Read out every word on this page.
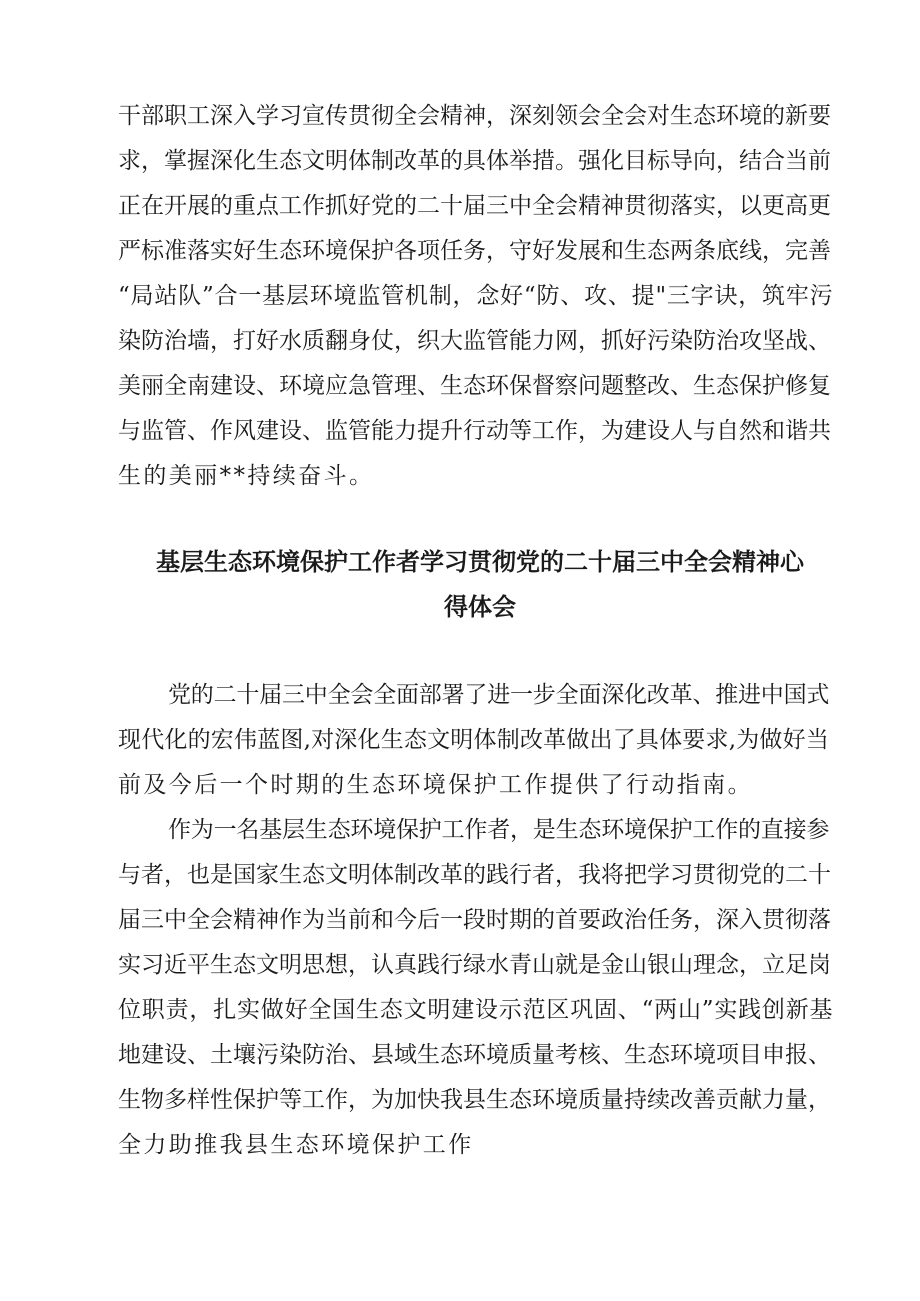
干部职工深入学习宣传贯彻全会精神，深刻领会全会对生态环境的新要

求，掌握深化生态文明体制改革的具体举措。强化目标导向，结合当前

正在开展的重点工作抓好党的二十届三中全会精神贯彻落实，以更高更

严标准落实好生态环境保护各项任务，守好发展和生态两条底线，完善

“局站队”合一基层环境监管机制，念好“防、攻、提"三字诀，筑牢污

染防治墙，打好水质翻身仗，织大监管能力网，抓好污染防治攻坚战、

美丽全南建设、环境应急管理、生态环保督察问题整改、生态保护修复

与监管、作风建设、监管能力提升行动等工作，为建设人与自然和谐共

生的美丽**持续奋斗。

基层生态环境保护工作者学习贯彻党的二十届三中全会精神心
得体会

党的二十届三中全会全面部署了进一步全面深化改革、推进中国式

现代化的宏伟蓝图,对深化生态文明体制改革做出了具体要求,为做好当

前及今后一个时期的生态环境保护工作提供了行动指南。

作为一名基层生态环境保护工作者，是生态环境保护工作的直接参

与者，也是国家生态文明体制改革的践行者，我将把学习贯彻党的二十

届三中全会精神作为当前和今后一段时期的首要政治任务，深入贯彻落

实习近平生态文明思想，认真践行绿水青山就是金山银山理念，立足岗

位职责，扎实做好全国生态文明建设示范区巩固、“两山”实践创新基

地建设、土壤污染防治、县域生态环境质量考核、生态环境项目申报、

生物多样性保护等工作，为加快我县生态环境质量持续改善贡献力量，

全力助推我县生态环境保护工作
